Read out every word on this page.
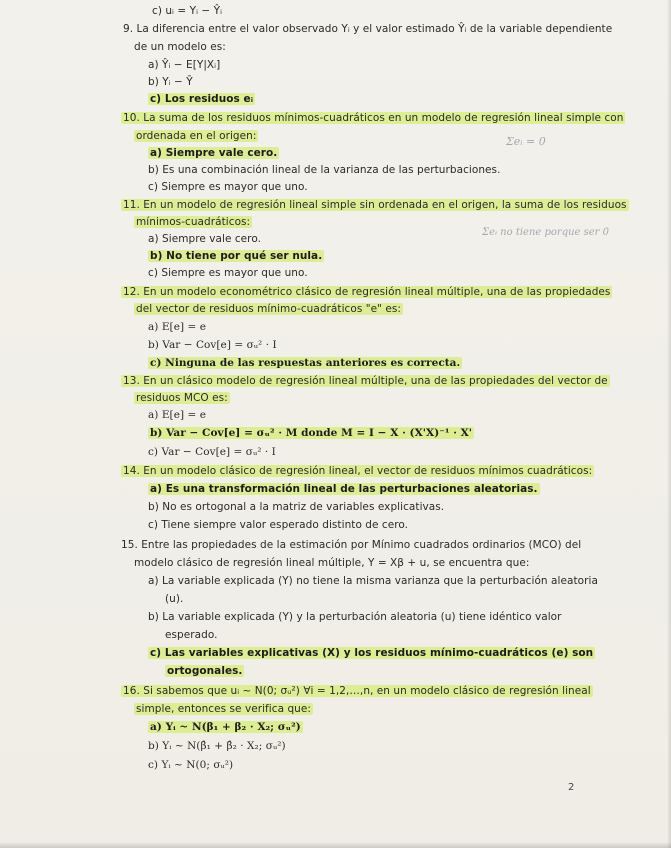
c) uᵢ = Yᵢ − Ŷᵢ
9. La diferencia entre el valor observado Yᵢ y el valor estimado Ŷᵢ de la variable dependiente
de un modelo es:
a) Ŷᵢ − E[Y|Xᵢ]
b) Yᵢ − Ȳ
c) Los residuos eᵢ
10. La suma de los residuos mínimos-cuadráticos en un modelo de regresión lineal simple con
ordenada en el origen:
a) Siempre vale cero.
b) Es una combinación lineal de la varianza de las perturbaciones.
c) Siempre es mayor que uno.
11. En un modelo de regresión lineal simple sin ordenada en el origen, la suma de los residuos
mínimos-cuadráticos:
a) Siempre vale cero.
b) No tiene por qué ser nula.
c) Siempre es mayor que uno.
12. En un modelo econométrico clásico de regresión lineal múltiple, una de las propiedades
del vector de residuos mínimo-cuadráticos "e" es:
a) E[e] = e
b) Var − Cov[e] = σᵤ² · I
c) Ninguna de las respuestas anteriores es correcta.
13. En un clásico modelo de regresión lineal múltiple, una de las propiedades del vector de
residuos MCO es:
a) E[e] = e
b) Var − Cov[e] = σᵤ² · M donde M = I − X · (X'X)⁻¹ · X'
c) Var − Cov[e] = σᵤ² · I
14. En un modelo clásico de regresión lineal, el vector de residuos mínimos cuadráticos:
a) Es una transformación lineal de las perturbaciones aleatorias.
b) No es ortogonal a la matriz de variables explicativas.
c) Tiene siempre valor esperado distinto de cero.
15. Entre las propiedades de la estimación por Mínimo cuadrados ordinarios (MCO) del
modelo clásico de regresión lineal múltiple, Y = Xβ + u, se encuentra que:
a) La variable explicada (Y) no tiene la misma varianza que la perturbación aleatoria
(u).
b) La variable explicada (Y) y la perturbación aleatoria (u) tiene idéntico valor
esperado.
c) Las variables explicativas (X) y los residuos mínimo-cuadráticos (e) son
ortogonales.
16. Si sabemos que uᵢ ~ N(0; σᵤ²) ∀i = 1,2,…,n, en un modelo clásico de regresión lineal
simple, entonces se verifica que:
a) Yᵢ ~ N(β₁ + β₂ · X₂; σᵤ²)
b) Yᵢ ~ N(β̂₁ + β̂₂ · X₂; σᵤ²)
c) Yᵢ ~ N(0; σᵤ²)
Σeᵢ = 0
Σeᵢ no tiene porque ser 0
2
